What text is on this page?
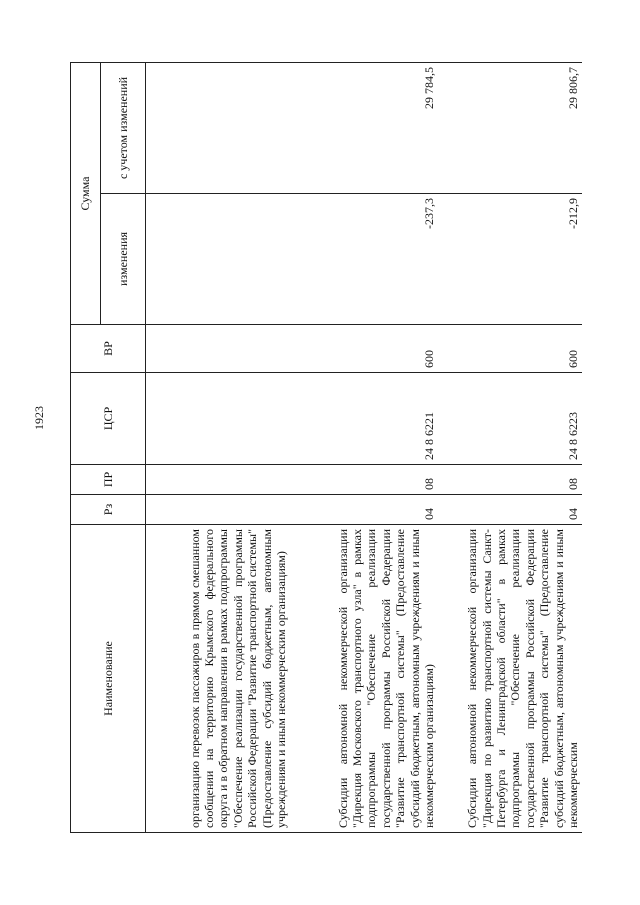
1923
Наименование	Рз	ПР	ЦСР	ВР	Сумма	
					изменения	с учетом изменений
организацию перевозок пассажиров в прямом смешанном сообщении на территорию Крымского федерального округа и в обратном направлении в рамках подпрограммы "Обеспечение реализации государственной программы Российской Федерации "Развитие транспортной системы" (Предоставление субсидий бюджетным, автономным учреждениям и иным некоммерческим организациям)						
Субсидии автономной некоммерческой организации "Дирекция Московского транспортного узла" в рамках подпрограммы "Обеспечение реализации государственной программы Российской Федерации "Развитие транспортной системы" (Предоставление субсидий бюджетным, автономным учреждениям и иным некоммерческим организациям)	04	08	24 8 6221	600	-237,3	29 784,5
Субсидии автономной некоммерческой организации "Дирекция по развитию транспортной системы Санкт-Петербурга и Ленинградской области" в рамках подпрограммы "Обеспечение реализации государственной программы Российской Федерации "Развитие транспортной системы" (Предоставление субсидий бюджетным, автономным учреждениям и иным некоммерческим	04	08	24 8 6223	600	-212,9	29 806,7
